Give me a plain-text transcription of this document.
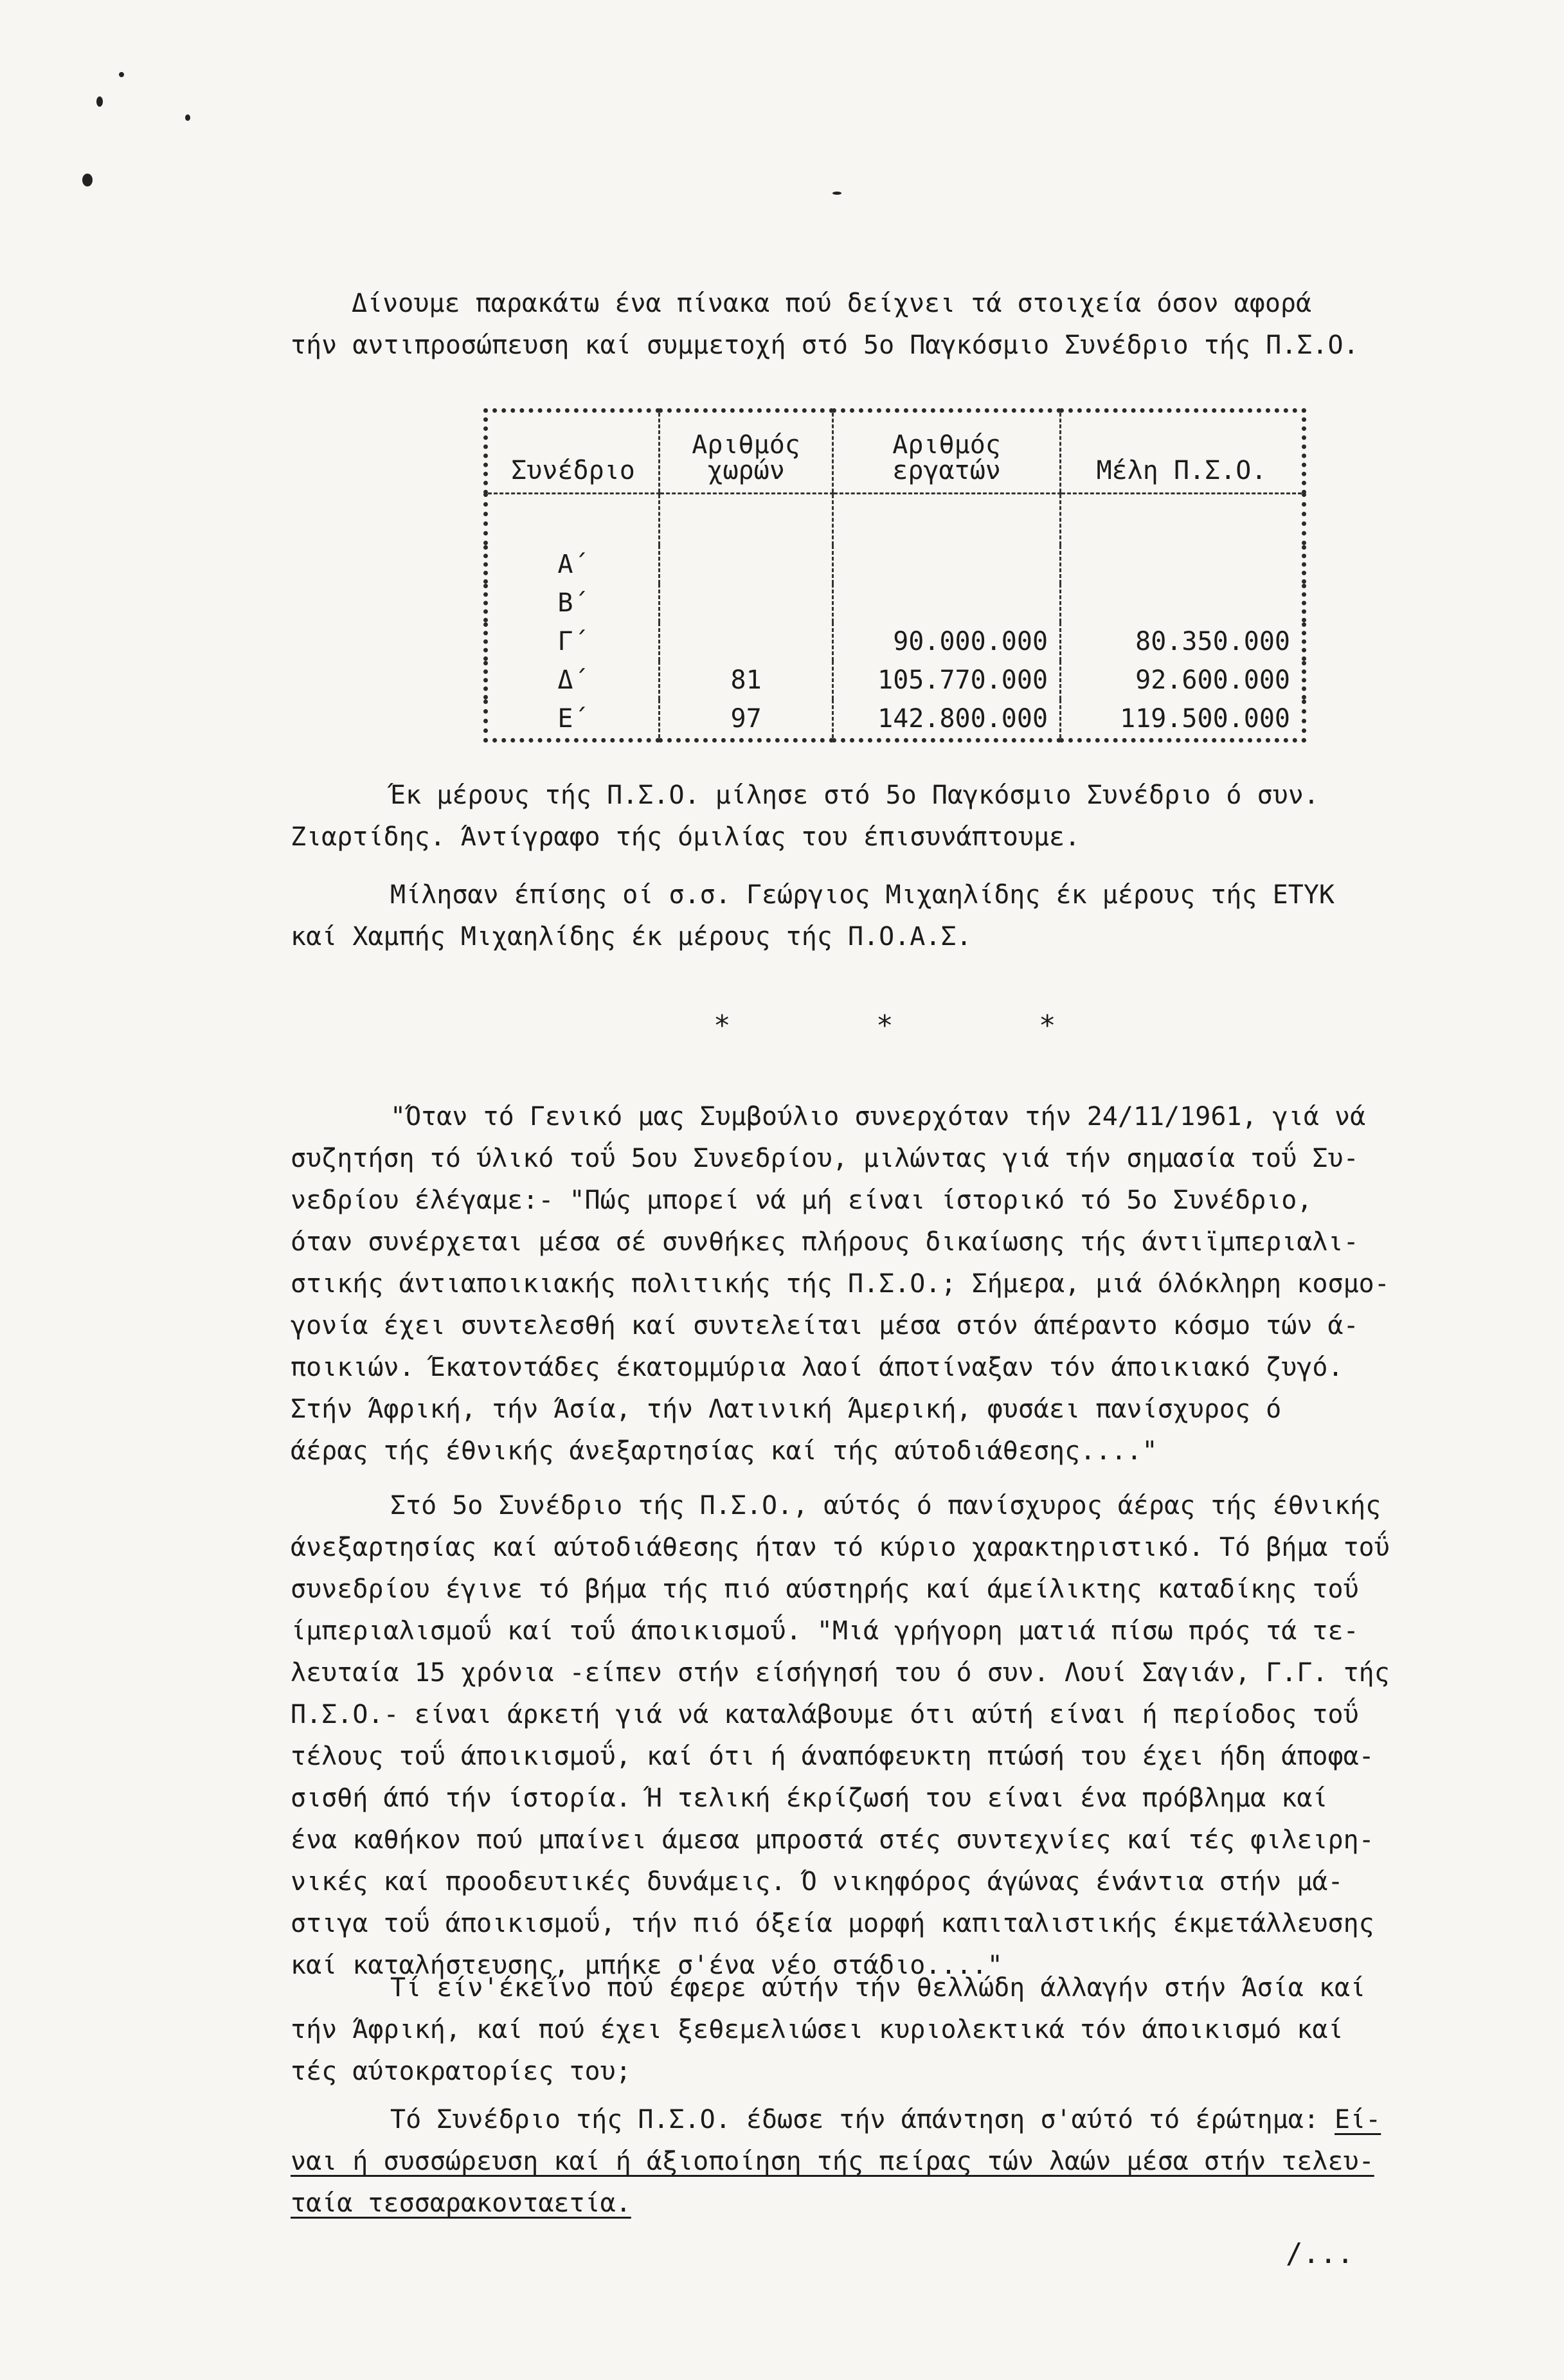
Δίνουμε παρακάτω ένα πίνακα πού δείχνει τά στοιχεία όσον αφορά
τήν αντιπροσώπευση καί συμμετοχή στό 5ο Παγκόσμιο Συνέδριο τής Π.Σ.Ο.
Συνέδριο	Αριθμός χωρών	Αριθμός εργατών	Μέλη Π.Σ.Ο.

Α΄			
Β΄			
Γ΄		90.000.000	80.350.000
Δ΄	81	105.770.000	92.600.000
Ε΄	97	142.800.000	119.500.000
Έκ μέρους τής Π.Σ.Ο. μίλησε στό 5ο Παγκόσμιο Συνέδριο ό συν.
Ζιαρτίδης. Άντίγραφο τής όμιλίας του έπισυνάπτουμε.
Μίλησαν έπίσης οί σ.σ. Γεώργιος Μιχαηλίδης έκ μέρους τής ΕΤΥΚ
καί Χαμπής Μιχαηλίδης έκ μέρους τής Π.Ο.Α.Σ.
* * *
"Όταν τό Γενικό μας Συμβούλιο συνερχόταν τήν 24/11/1961, γιά νά
συζητήση τό ύλικό τοΰ 5ου Συνεδρίου, μιλώντας γιά τήν σημασία τοΰ Συ-
νεδρίου έλέγαμε:- "Πώς μπορεί νά μή είναι ίστορικό τό 5ο Συνέδριο,
όταν συνέρχεται μέσα σέ συνθήκες πλήρους δικαίωσης τής άντιϊμπεριαλι-
στικής άντιαποικιακής πολιτικής τής Π.Σ.Ο.; Σήμερα, μιά όλόκληρη κοσμο-
γονία έχει συντελεσθή καί συντελείται μέσα στόν άπέραντο κόσμο τών ά-
ποικιών. Έκατοντάδες έκατομμύρια λαοί άποτίναξαν τόν άποικιακό ζυγό.
Στήν Άφρική, τήν Άσία, τήν Λατινική Άμερική, φυσάει πανίσχυρος ό
άέρας τής έθνικής άνεξαρτησίας καί τής αύτοδιάθεσης...."
Στό 5ο Συνέδριο τής Π.Σ.Ο., αύτός ό πανίσχυρος άέρας τής έθνικής
άνεξαρτησίας καί αύτοδιάθεσης ήταν τό κύριο χαρακτηριστικό. Τό βήμα τοΰ
συνεδρίου έγινε τό βήμα τής πιό αύστηρής καί άμείλικτης καταδίκης τοΰ
ίμπεριαλισμοΰ καί τοΰ άποικισμοΰ. "Μιά γρήγορη ματιά πίσω πρός τά τε-
λευταία 15 χρόνια -είπεν στήν είσήγησή του ό συν. Λουί Σαγιάν, Γ.Γ. τής
Π.Σ.Ο.- είναι άρκετή γιά νά καταλάβουμε ότι αύτή είναι ή περίοδος τοΰ
τέλους τοΰ άποικισμοΰ, καί ότι ή άναπόφευκτη πτώσή του έχει ήδη άποφα-
σισθή άπό τήν ίστορία. Ή τελική έκρίζωσή του είναι ένα πρόβλημα καί
ένα καθήκον πού μπαίνει άμεσα μπροστά στές συντεχνίες καί τές φιλειρη-
νικές καί προοδευτικές δυνάμεις. Ό νικηφόρος άγώνας ένάντια στήν μά-
στιγα τοΰ άποικισμοΰ, τήν πιό όξεία μορφή καπιταλιστικής έκμετάλλευσης
καί καταλήστευσης, μπήκε σ'ένα νέο στάδιο...."
Τί είν'έκείνο πού έφερε αύτήν τήν θελλώδη άλλαγήν στήν Άσία καί
τήν Άφρική, καί πού έχει ξεθεμελιώσει κυριολεκτικά τόν άποικισμό καί
τές αύτοκρατορίες του;
Τό Συνέδριο τής Π.Σ.Ο. έδωσε τήν άπάντηση σ'αύτό τό έρώτημα: Εί-
ναι ή συσσώρευση καί ή άξιοποίηση τής πείρας τών λαών μέσα στήν τελευ-
ταία τεσσαρακονταετία.
/...
